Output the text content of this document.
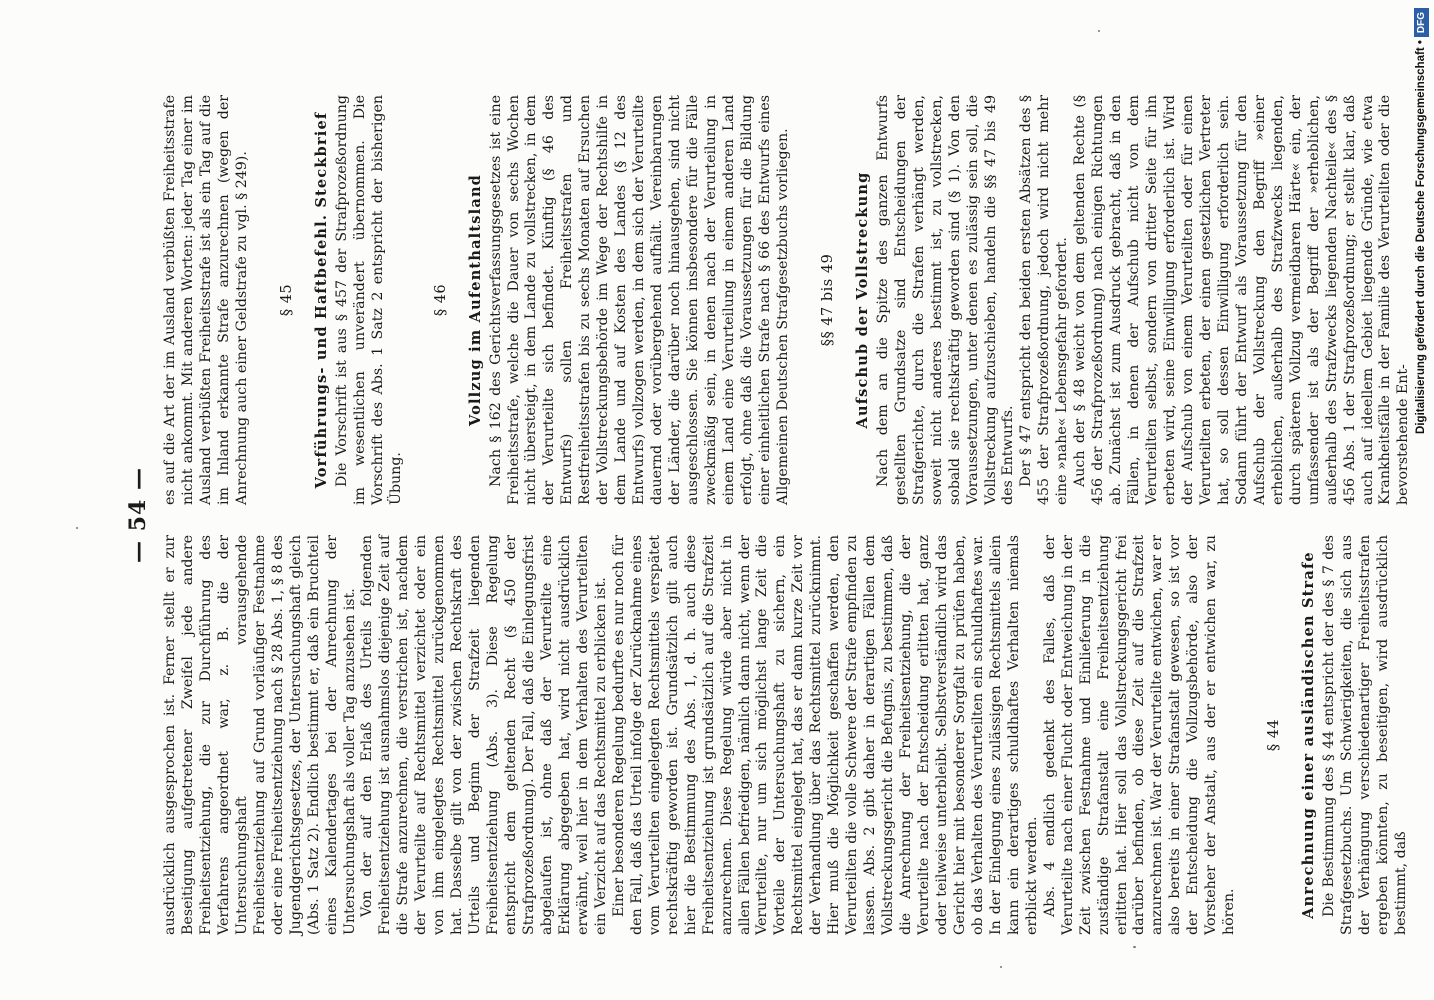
— 54 —

ausdrücklich ausgesprochen ist. Ferner stellt er zur Beseitigung aufgetretener Zweifel jede andere Freiheitsentziehung, die zur Durchführung des Verfahrens angeordnet war, z. B. die der Untersuchungshaft vorausgehende Freiheitsentziehung auf Grund vorläufiger Festnahme oder eine Freiheitsentziehung nach § 28 Abs. 1, § 8 des Jugendgerichtsgesetzes, der Untersuchungshaft gleich (Abs. 1 Satz 2). Endlich bestimmt er, daß ein Bruchteil eines Kalendertages bei der Anrechnung der Untersuchungshaft als voller Tag anzusehen ist. Von der auf den Erlaß des Urteils folgenden Freiheitsentziehung ist ausnahmslos diejenige Zeit auf die Strafe anzurechnen, die verstrichen ist, nachdem der Verurteilte auf Rechtsmittel verzichtet oder ein von ihm eingelegtes Rechtsmittel zurückgenommen hat. Dasselbe gilt von der zwischen Rechtskraft des Urteils und Beginn der Strafzeit liegenden Freiheitsentziehung (Abs. 3). Diese Regelung entspricht dem geltenden Recht (§ 450 der Strafprozeßordnung). Der Fall, daß die Einlegungsfrist abgelaufen ist, ohne daß der Verurteilte eine Erklärung abgegeben hat, wird nicht ausdrücklich erwähnt, weil hier in dem Verhalten des Verurteilten ein Verzicht auf das Rechtsmittel zu erblicken ist. Einer besonderen Regelung bedurfte es nur noch für den Fall, daß das Urteil infolge der Zurücknahme eines vom Verurteilten eingelegten Rechtsmittels verspätet rechtskräftig geworden ist. Grundsätzlich gilt auch hier die Bestimmung des Abs. 1, d. h. auch diese Freiheitsentziehung ist grundsätzlich auf die Strafzeit anzurechnen. Diese Regelung würde aber nicht in allen Fällen befriedigen, nämlich dann nicht, wenn der Verurteilte, nur um sich möglichst lange Zeit die Vorteile der Untersuchungshaft zu sichern, ein Rechtsmittel eingelegt hat, das er dann kurze Zeit vor der Verhandlung über das Rechtsmittel zurücknimmt. Hier muß die Möglichkeit geschaffen werden, den Verurteilten die volle Schwere der Strafe empfinden zu lassen. Abs. 2 gibt daher in derartigen Fällen dem Vollstreckungsgericht die Befugnis, zu bestimmen, daß die Anrechnung der Freiheitsentziehung, die der Verurteilte nach der Entscheidung erlitten hat, ganz oder teilweise unterbleibt. Selbstverständlich wird das Gericht hier mit besonderer Sorgfalt zu prüfen haben, ob das Verhalten des Verurteilten ein schuldhaftes war. In der Einlegung eines zulässigen Rechtsmittels allein kann ein derartiges schuldhaftes Verhalten niemals erblickt werden. Abs. 4 endlich gedenkt des Falles, daß der Verurteilte nach einer Flucht oder Entweichung in der Zeit zwischen Festnahme und Einlieferung in die zuständige Strafanstalt eine Freiheitsentziehung erlitten hat. Hier soll das Vollstreckungsgericht frei darüber befinden, ob diese Zeit auf die Strafzeit anzurechnen ist. War der Verurteilte entwichen, war er also bereits in einer Strafanstalt gewesen, so ist vor der Entscheidung die Vollzugsbehörde, also der Vorsteher der Anstalt, aus der er entwichen war, zu hören.

§ 44 Anrechnung einer ausländischen Strafe Die Bestimmung des § 44 entspricht der des § 7 des Strafgesetzbuchs. Um Schwierigkeiten, die sich aus der Verhängung verschiedenartiger Freiheitsstrafen ergeben könnten, zu beseitigen, wird ausdrücklich bestimmt, daß

es auf die Art der im Ausland verbüßten Freiheitsstrafe nicht ankommt. Mit anderen Worten: jeder Tag einer im Ausland verbüßten Freiheitsstrafe ist als ein Tag auf die im Inland erkannte Strafe anzurechnen (wegen der Anrechnung auch einer Geldstrafe zu vgl. § 249). § 45 Vorführungs- und Haftbefehl. Steckbrief Die Vorschrift ist aus § 457 der Strafprozeßordnung im wesentlichen unverändert übernommen. Die Vorschrift des Abs. 1 Satz 2 entspricht der bisherigen Übung.

§ 46 Vollzug im Aufenthaltsland Nach § 162 des Gerichtsverfassungsgesetzes ist eine Freiheitsstrafe, welche die Dauer von sechs Wochen nicht übersteigt, in dem Lande zu vollstrecken, in dem der Verurteilte sich befindet. Künftig (§ 46 des Entwurfs) sollen Freiheitsstrafen und Restfreiheitsstrafen bis zu sechs Monaten auf Ersuchen der Vollstreckungsbehörde im Wege der Rechtshilfe in dem Lande und auf Kosten des Landes (§ 12 des Entwurfs) vollzogen werden, in dem sich der Verurteilte dauernd oder vorübergehend aufhält. Vereinbarungen der Länder, die darüber noch hinausgehen, sind nicht ausgeschlossen. Sie können insbesondere für die Fälle zweckmäßig sein, in denen nach der Verurteilung in einem Land eine Verurteilung in einem anderen Land erfolgt, ohne daß die Voraussetzungen für die Bildung einer einheitlichen Strafe nach § 66 des Entwurfs eines Allgemeinen Deutschen Strafgesetzbuchs vorliegen. §§ 47 bis 49 Aufschub der Vollstreckung Nach dem an die Spitze des ganzen Entwurfs gestellten Grundsatze sind Entscheidungen der Strafgerichte, durch die Strafen verhängt werden, soweit nicht anderes bestimmt ist, zu vollstrecken, sobald sie rechtskräftig geworden sind (§ 1). Von den Voraussetzungen, unter denen es zulässig sein soll, die Vollstreckung aufzuschieben, handeln die §§ 47 bis 49 des Entwurfs. Der § 47 entspricht den beiden ersten Absätzen des § 455 der Strafprozeßordnung, jedoch wird nicht mehr eine »nahe« Lebensgefahr gefordert. Auch der § 48 weicht von dem geltenden Rechte (§ 456 der Strafprozeßordnung) nach einigen Richtungen ab. Zunächst ist zum Ausdruck gebracht, daß in den Fällen, in denen der Aufschub nicht von dem Verurteilten selbst, sondern von dritter Seite für ihn erbeten wird, seine Einwilligung erforderlich ist. Wird der Aufschub von einem Verurteilten oder für einen Verurteilten erbeten, der einen gesetzlichen Vertreter hat, so soll dessen Einwilligung erforderlich sein. Sodann führt der Entwurf als Voraussetzung für den Aufschub der Vollstreckung den Begriff »einer erheblichen, außerhalb des Strafzwecks liegenden, durch späteren Vollzug vermeidbaren Härte« ein, der umfassender ist als der Begriff der »erheblichen, außerhalb des Strafzwecks liegenden Nachteile« des § 456 Abs. 1 der Strafprozeßordnung; er stellt klar, daß auch auf ideellem Gebiet liegende Gründe, wie etwa Krankheitsfälle in der Familie des Verurteilten oder die bevorstehende Ent-

Digitalisierung gefördert durch die Deutsche Forschungsgemeinschaft •DFG
